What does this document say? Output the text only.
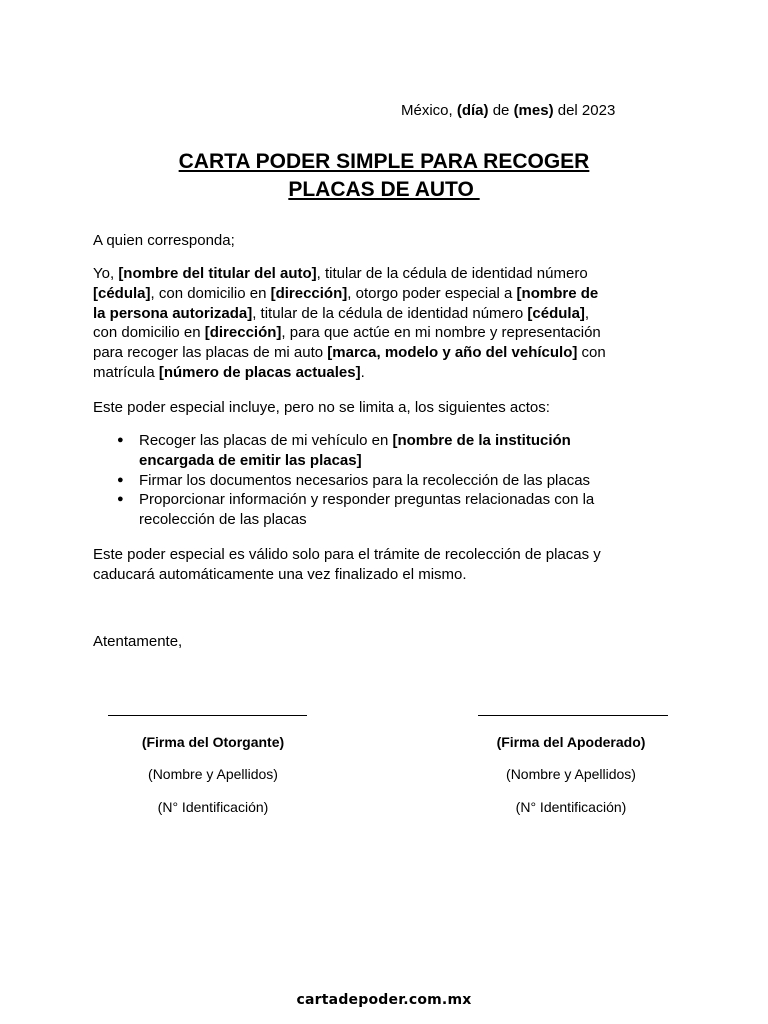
México, (día) de (mes) del 2023
CARTA PODER SIMPLE PARA RECOGER
PLACAS DE AUTO
A quien corresponda;
Yo, [nombre del titular del auto], titular de la cédula de identidad número
[cédula], con domicilio en [dirección], otorgo poder especial a [nombre de
la persona autorizada], titular de la cédula de identidad número [cédula],
con domicilio en [dirección], para que actúe en mi nombre y representación
para recoger las placas de mi auto [marca, modelo y año del vehículo] con
matrícula [número de placas actuales].
Este poder especial incluye, pero no se limita a, los siguientes actos:
● Recoger las placas de mi vehículo en [nombre de la institución
encargada de emitir las placas]
● Firmar los documentos necesarios para la recolección de las placas
● Proporcionar información y responder preguntas relacionadas con la
recolección de las placas
Este poder especial es válido solo para el trámite de recolección de placas y
caducará automáticamente una vez finalizado el mismo.
Atentamente,
(Firma del Otorgante)
(Nombre y Apellidos)
(N° Identificación)
(Firma del Apoderado)
(Nombre y Apellidos)
(N° Identificación)
cartadepoder.com.mx
